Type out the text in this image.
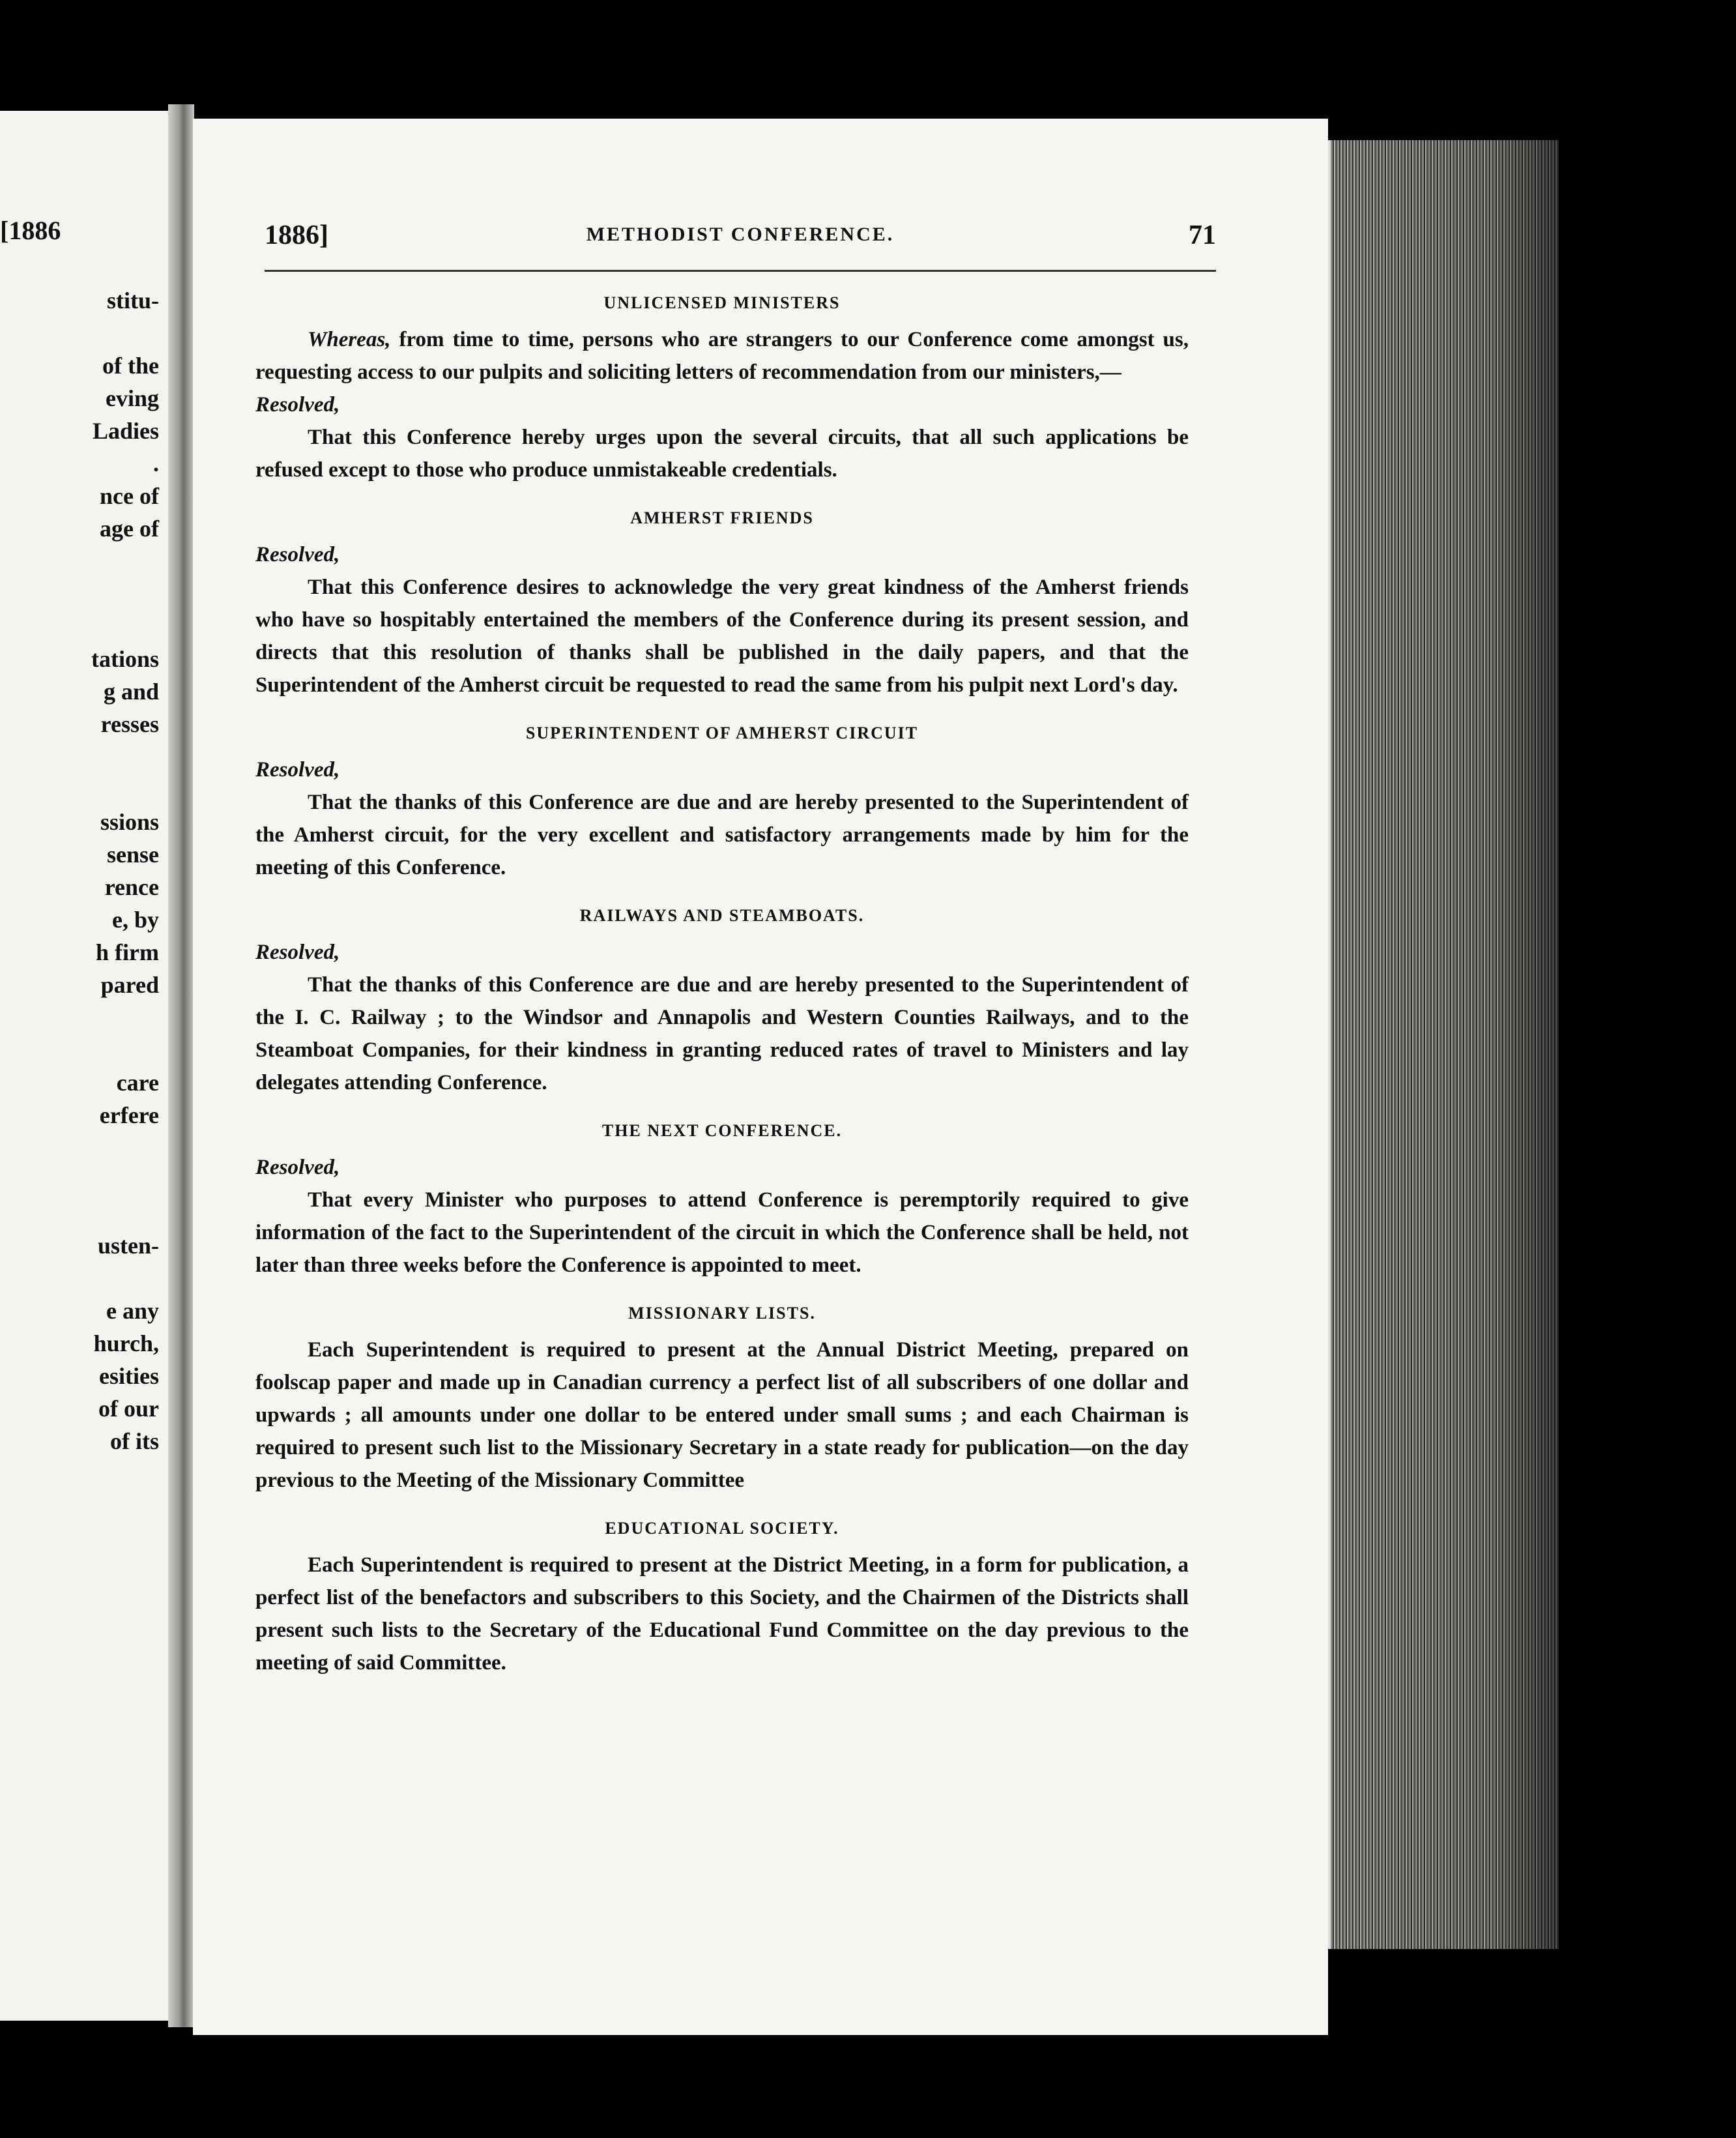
[1886
stitu-
of the
eving
Ladies
.
nce of
age of
tations
g and
resses
ssions
sense
rence
e, by
h firm
pared
care
erfere
usten-
e any
hurch,
esities
of our
of its
1886]	METHODIST CONFERENCE.	71
UNLICENSED MINISTERS

Whereas, from time to time, persons who are strangers to our Conference come amongst us, requesting access to our pulpits and soliciting letters of recommendation from our ministers,—

Resolved,

That this Conference hereby urges upon the several circuits, that all such applications be refused except to those who produce unmistakeable credentials.

AMHERST FRIENDS

Resolved,

That this Conference desires to acknowledge the very great kindness of the Amherst friends who have so hospitably entertained the members of the Conference during its present session, and directs that this resolution of thanks shall be published in the daily papers, and that the Superintendent of the Amherst circuit be requested to read the same from his pulpit next Lord's day.

SUPERINTENDENT OF AMHERST CIRCUIT

Resolved,

That the thanks of this Conference are due and are hereby presented to the Superintendent of the Amherst circuit, for the very excellent and satisfactory arrangements made by him for the meeting of this Conference.

RAILWAYS AND STEAMBOATS.

Resolved,

That the thanks of this Conference are due and are hereby presented to the Superintendent of the I. C. Railway ; to the Windsor and Annapolis and Western Counties Railways, and to the Steamboat Companies, for their kindness in granting reduced rates of travel to Ministers and lay delegates attending Conference.

THE NEXT CONFERENCE.

Resolved,

That every Minister who purposes to attend Conference is peremptorily required to give information of the fact to the Superintendent of the circuit in which the Conference shall be held, not later than three weeks before the Conference is appointed to meet.

MISSIONARY LISTS.

Each Superintendent is required to present at the Annual District Meeting, prepared on foolscap paper and made up in Canadian currency a perfect list of all subscribers of one dollar and upwards ; all amounts under one dollar to be entered under small sums ; and each Chairman is required to present such list to the Missionary Secretary in a state ready for publication—on the day previous to the Meeting of the Missionary Committee

EDUCATIONAL SOCIETY.

Each Superintendent is required to present at the District Meeting, in a form for publication, a perfect list of the benefactors and subscribers to this Society, and the Chairmen of the Districts shall present such lists to the Secretary of the Educational Fund Committee on the day previous to the meeting of said Committee.
